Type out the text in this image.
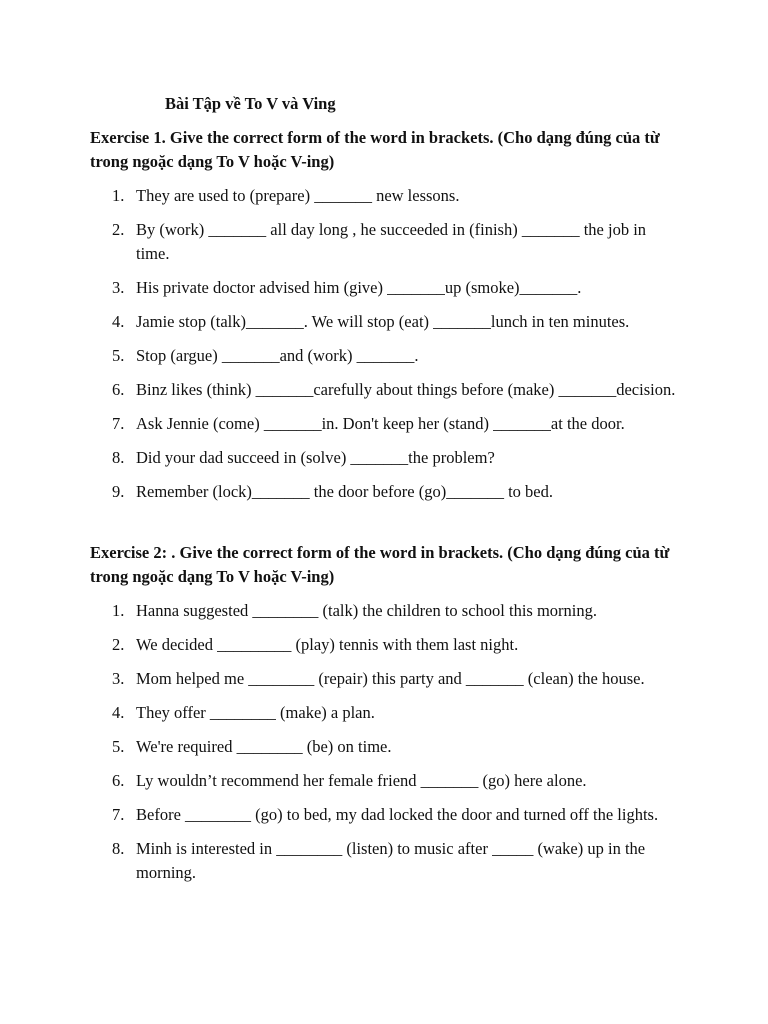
Bài Tập về To V và Ving
Exercise 1. Give the correct form of the word in brackets. (Cho dạng đúng của từ trong ngoặc dạng To V hoặc V-ing)
1. They are used to (prepare) _______ new lessons.
2. By (work) _______ all day long , he succeeded in (finish) _______ the job in time.
3. His private doctor advised him (give) _______up (smoke)_______.
4. Jamie stop (talk)_______. We will stop (eat) _______lunch in ten minutes.
5. Stop (argue) _______and (work) _______.
6. Binz likes (think) _______carefully about things before (make) _______decision.
7. Ask Jennie (come) _______in. Don't keep her (stand) _______at the door.
8. Did your dad succeed in (solve) _______the problem?
9. Remember (lock)_______ the door before (go)_______ to bed.
Exercise 2: . Give the correct form of the word in brackets. (Cho dạng đúng của từ trong ngoặc dạng To V hoặc V-ing)
1. Hanna suggested ________ (talk) the children to school this morning.
2. We decided _________ (play) tennis with them last night.
3. Mom helped me ________ (repair) this party and _______ (clean) the house.
4. They offer ________ (make) a plan.
5. We're required ________ (be) on time.
6. Ly wouldn’t recommend her female friend _______ (go) here alone.
7. Before ________ (go) to bed, my dad locked the door and turned off the lights.
8. Minh is interested in ________ (listen) to music after _____ (wake) up in the morning.
